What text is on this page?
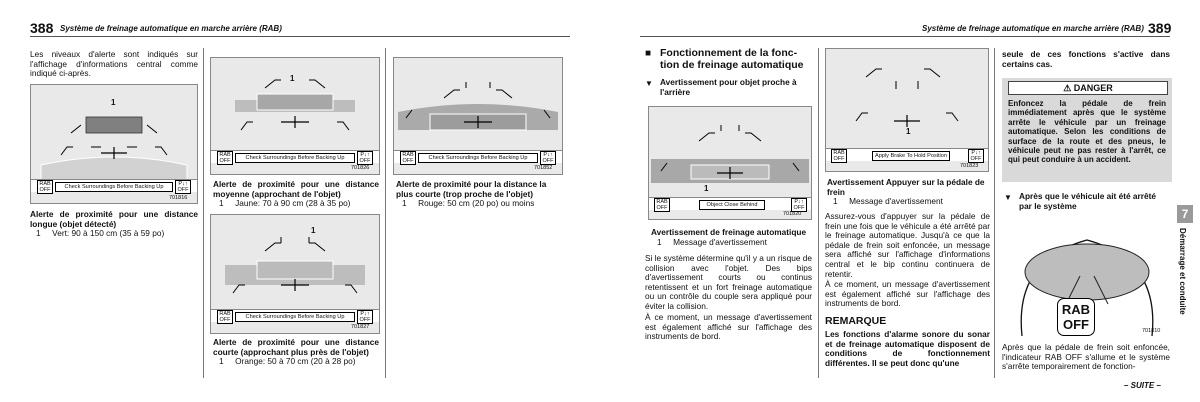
388 Système de freinage automatique en marche arrière (RAB)
Les niveaux d'alerte sont indiqués sur l'affichage d'informations central comme indiqué ci-après.
1
RAB
OFF	Check Surroundings Before Backing Up	P↓↑
OFF
701816
Alerte de proximité pour une distance longue (objet détecté)
1     Vert: 90 à 150 cm (35 à 59 po)
1
RAB
OFF	Check Surroundings Before Backing Up	P↓↑
OFF
701826
Alerte de proximité pour une distance moyenne (approchant de l'objet)
1     Jaune: 70 à 90 cm (28 à 35 po)
1
RAB
OFF	Check Surroundings Before Backing Up	P↓↑
OFF
701827
Alerte de proximité pour une distance courte (approchant plus près de l'objet)
1     Orange: 50 à 70 cm (20 à 28 po)
RAB
OFF	Check Surroundings Before Backing Up	P↓↑
OFF
701852
Alerte de proximité pour la distance la plus courte (trop proche de l'objet)
1     Rouge: 50 cm (20 po) ou moins
Système de freinage automatique en marche arrière (RAB) 389
■ Fonctionnement de la fonc-
tion de freinage automatique
▼ Avertissement pour objet proche à
l'arrière
1
RAB
OFF	Object Close Behind	P↓↑
OFF
701820
Avertissement de freinage automatique
1     Message d'avertissement
Si le système détermine qu'il y a un risque de collision avec l'objet. Des bips d'avertissement courts ou continus retentissent et un fort freinage automatique ou un contrôle du couple sera appliqué pour éviter la collision.
À ce moment, un message d'avertissement est également affiché sur l'affichage des instruments de bord.
1
RAB
OFF	Apply Brake To Hold Position	P↓↑
OFF
701823
Avertissement Appuyer sur la pédale de frein
1     Message d'avertissement
Assurez-vous d'appuyer sur la pédale de frein une fois que le véhicule a été arrêté par le freinage automatique. Jusqu'à ce que la pédale de frein soit enfoncée, un message sera affiché sur l'affichage d'informations central et le bip continu continuera de retentir.
À ce moment, un message d'avertissement est également affiché sur l'affichage des instruments de bord.
REMARQUE
Les fonctions d'alarme sonore du sonar et de freinage automatique disposent de conditions de fonctionnement différentes. Il se peut donc qu'une
seule de ces fonctions s'active dans certains cas.
⚠ DANGER
Enfoncez la pédale de frein immédiatement après que le système arrête le véhicule par un freinage automatique. Selon les conditions de surface de la route et des pneus, le véhicule peut ne pas rester à l'arrêt, ce qui peut conduire à un accident.
▼ Après que le véhicule ait été arrêté
par le système
RAB
OFF	701810
Après que la pédale de frein soit enfoncée, l'indicateur RAB OFF s'allume et le système s'arrête temporairement de fonction-
– SUITE –
7
Démarrage et conduite
